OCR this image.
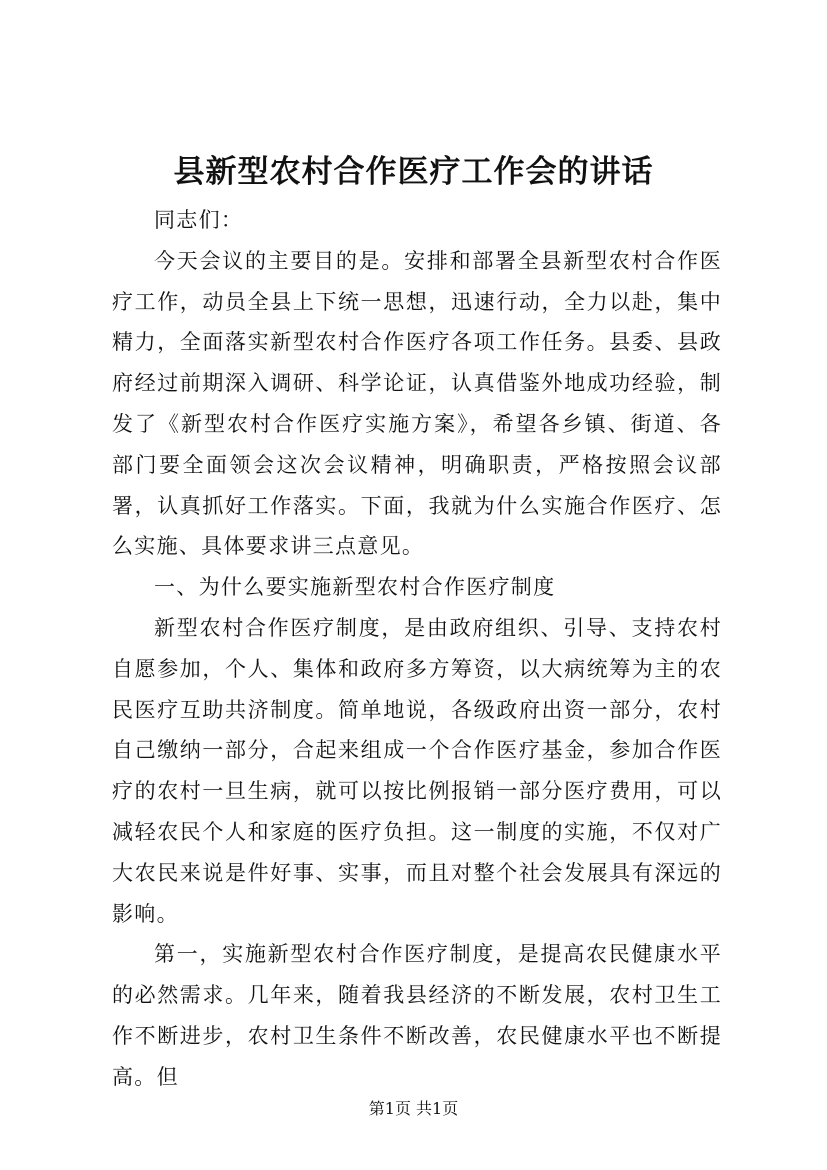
县新型农村合作医疗工作会的讲话

同志们：

今天会议的主要目的是。安排和部署全县新型农村合作医疗工作，动员全县上下统一思想，迅速行动，全力以赴，集中精力，全面落实新型农村合作医疗各项工作任务。县委、县政府经过前期深入调研、科学论证，认真借鉴外地成功经验，制发了《新型农村合作医疗实施方案》，希望各乡镇、街道、各部门要全面领会这次会议精神，明确职责，严格按照会议部署，认真抓好工作落实。下面，我就为什么实施合作医疗、怎么实施、具体要求讲三点意见。

一、为什么要实施新型农村合作医疗制度

新型农村合作医疗制度，是由政府组织、引导、支持农村自愿参加，个人、集体和政府多方筹资，以大病统筹为主的农民医疗互助共济制度。简单地说，各级政府出资一部分，农村自己缴纳一部分，合起来组成一个合作医疗基金，参加合作医疗的农村一旦生病，就可以按比例报销一部分医疗费用，可以减轻农民个人和家庭的医疗负担。这一制度的实施，不仅对广大农民来说是件好事、实事，而且对整个社会发展具有深远的影响。

第一，实施新型农村合作医疗制度，是提高农民健康水平的必然需求。几年来，随着我县经济的不断发展，农村卫生工作不断进步，农村卫生条件不断改善，农民健康水平也不断提高。但

第1页 共1页
